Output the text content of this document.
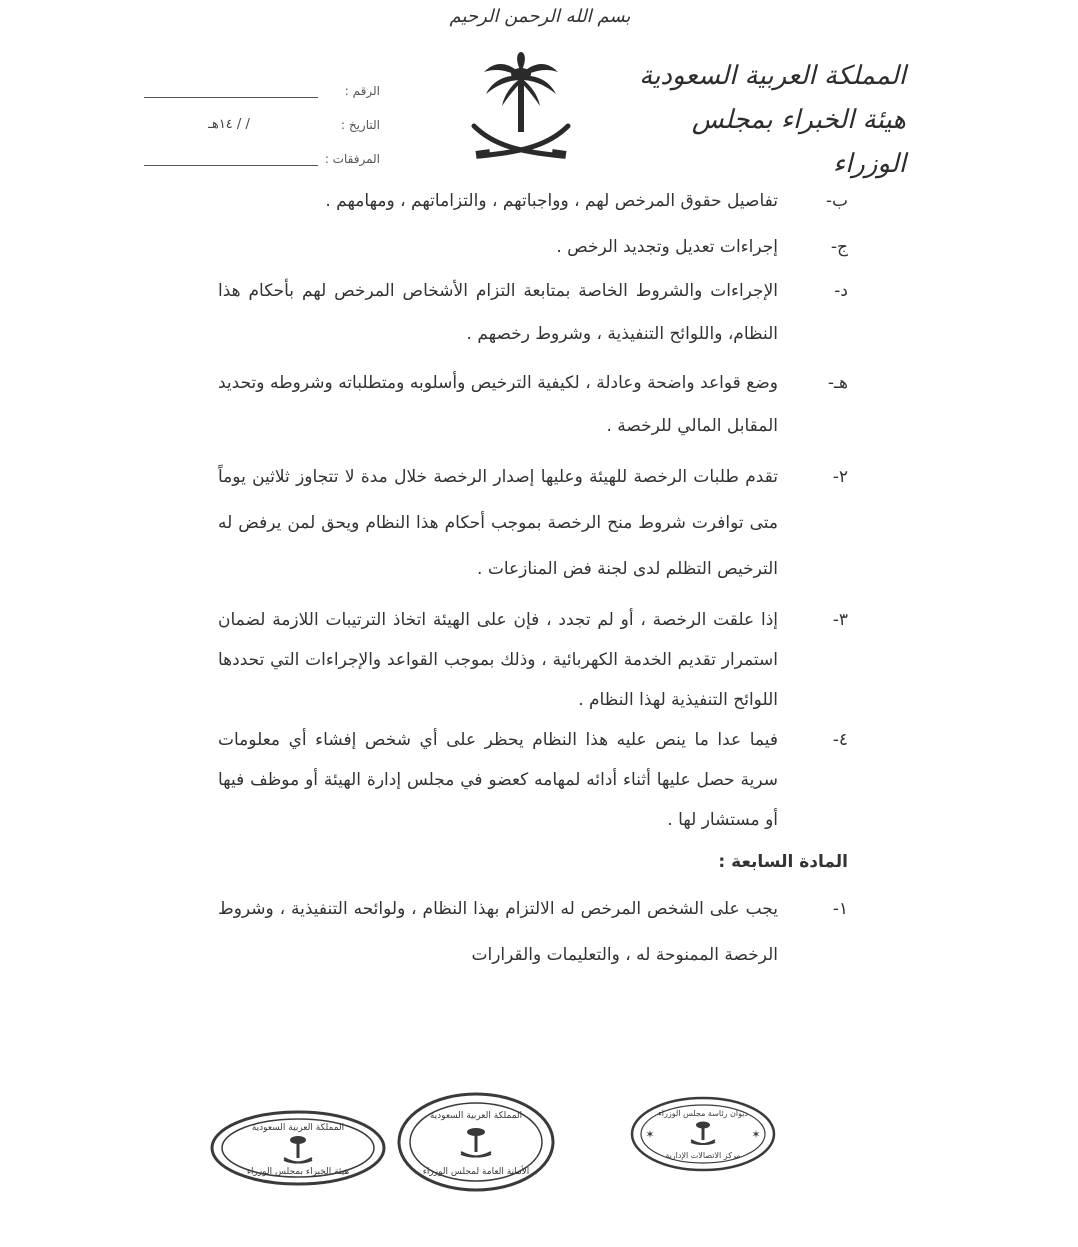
بسم الله الرحمن الرحيم
المملكة العربية السعودية
هيئة الخبراء بمجلس الوزراء
الرقم :
التاريخ :
/ / ١٤هـ
المرفقات :
ب-
تفاصيل حقوق المرخص لهم ، وواجباتهم ، والتزاماتهم ، ومهامهم .
ج-
إجراءات تعديل وتجديد الرخص .
د-
الإجراءات والشروط الخاصة بمتابعة التزام الأشخاص المرخص لهم بأحكام هذا النظام، واللوائح التنفيذية ، وشروط رخصهم .
هـ-
وضع قواعد واضحة وعادلة ، لكيفية الترخيص وأسلوبه ومتطلباته وشروطه وتحديد المقابل المالي للرخصة .
٢-
تقدم طلبات الرخصة للهيئة وعليها إصدار الرخصة خلال مدة لا تتجاوز ثلاثين يوماً متى توافرت شروط منح الرخصة بموجب أحكام هذا النظام ويحق لمن يرفض له الترخيص التظلم لدى لجنة فض المنازعات .
٣-
إذا علقت الرخصة ، أو لم تجدد ، فإن على الهيئة اتخاذ الترتيبات اللازمة لضمان استمرار تقديم الخدمة الكهربائية ، وذلك بموجب القواعد والإجراءات التي تحددها اللوائح التنفيذية لهذا النظام .
٤-
فيما عدا ما ينص عليه هذا النظام يحظر على أي شخص إفشاء أي معلومات سرية حصل عليها أثناء أدائه لمهامه كعضو في مجلس إدارة الهيئة أو موظف فيها أو مستشار لها .
المادة السابعة :
١-
يجب على الشخص المرخص له الالتزام بهذا النظام ، ولوائحه التنفيذية ، وشروط الرخصة الممنوحة له ، والتعليمات والقرارات
المملكة العربية السعودية
هيئة الخبراء بمجلس الوزراء
المملكة العربية السعودية
الأمانة العامة لمجلس الوزراء
ديوان رئاسة مجلس الوزراء
مركز الاتصالات الإدارية
✶	✶
